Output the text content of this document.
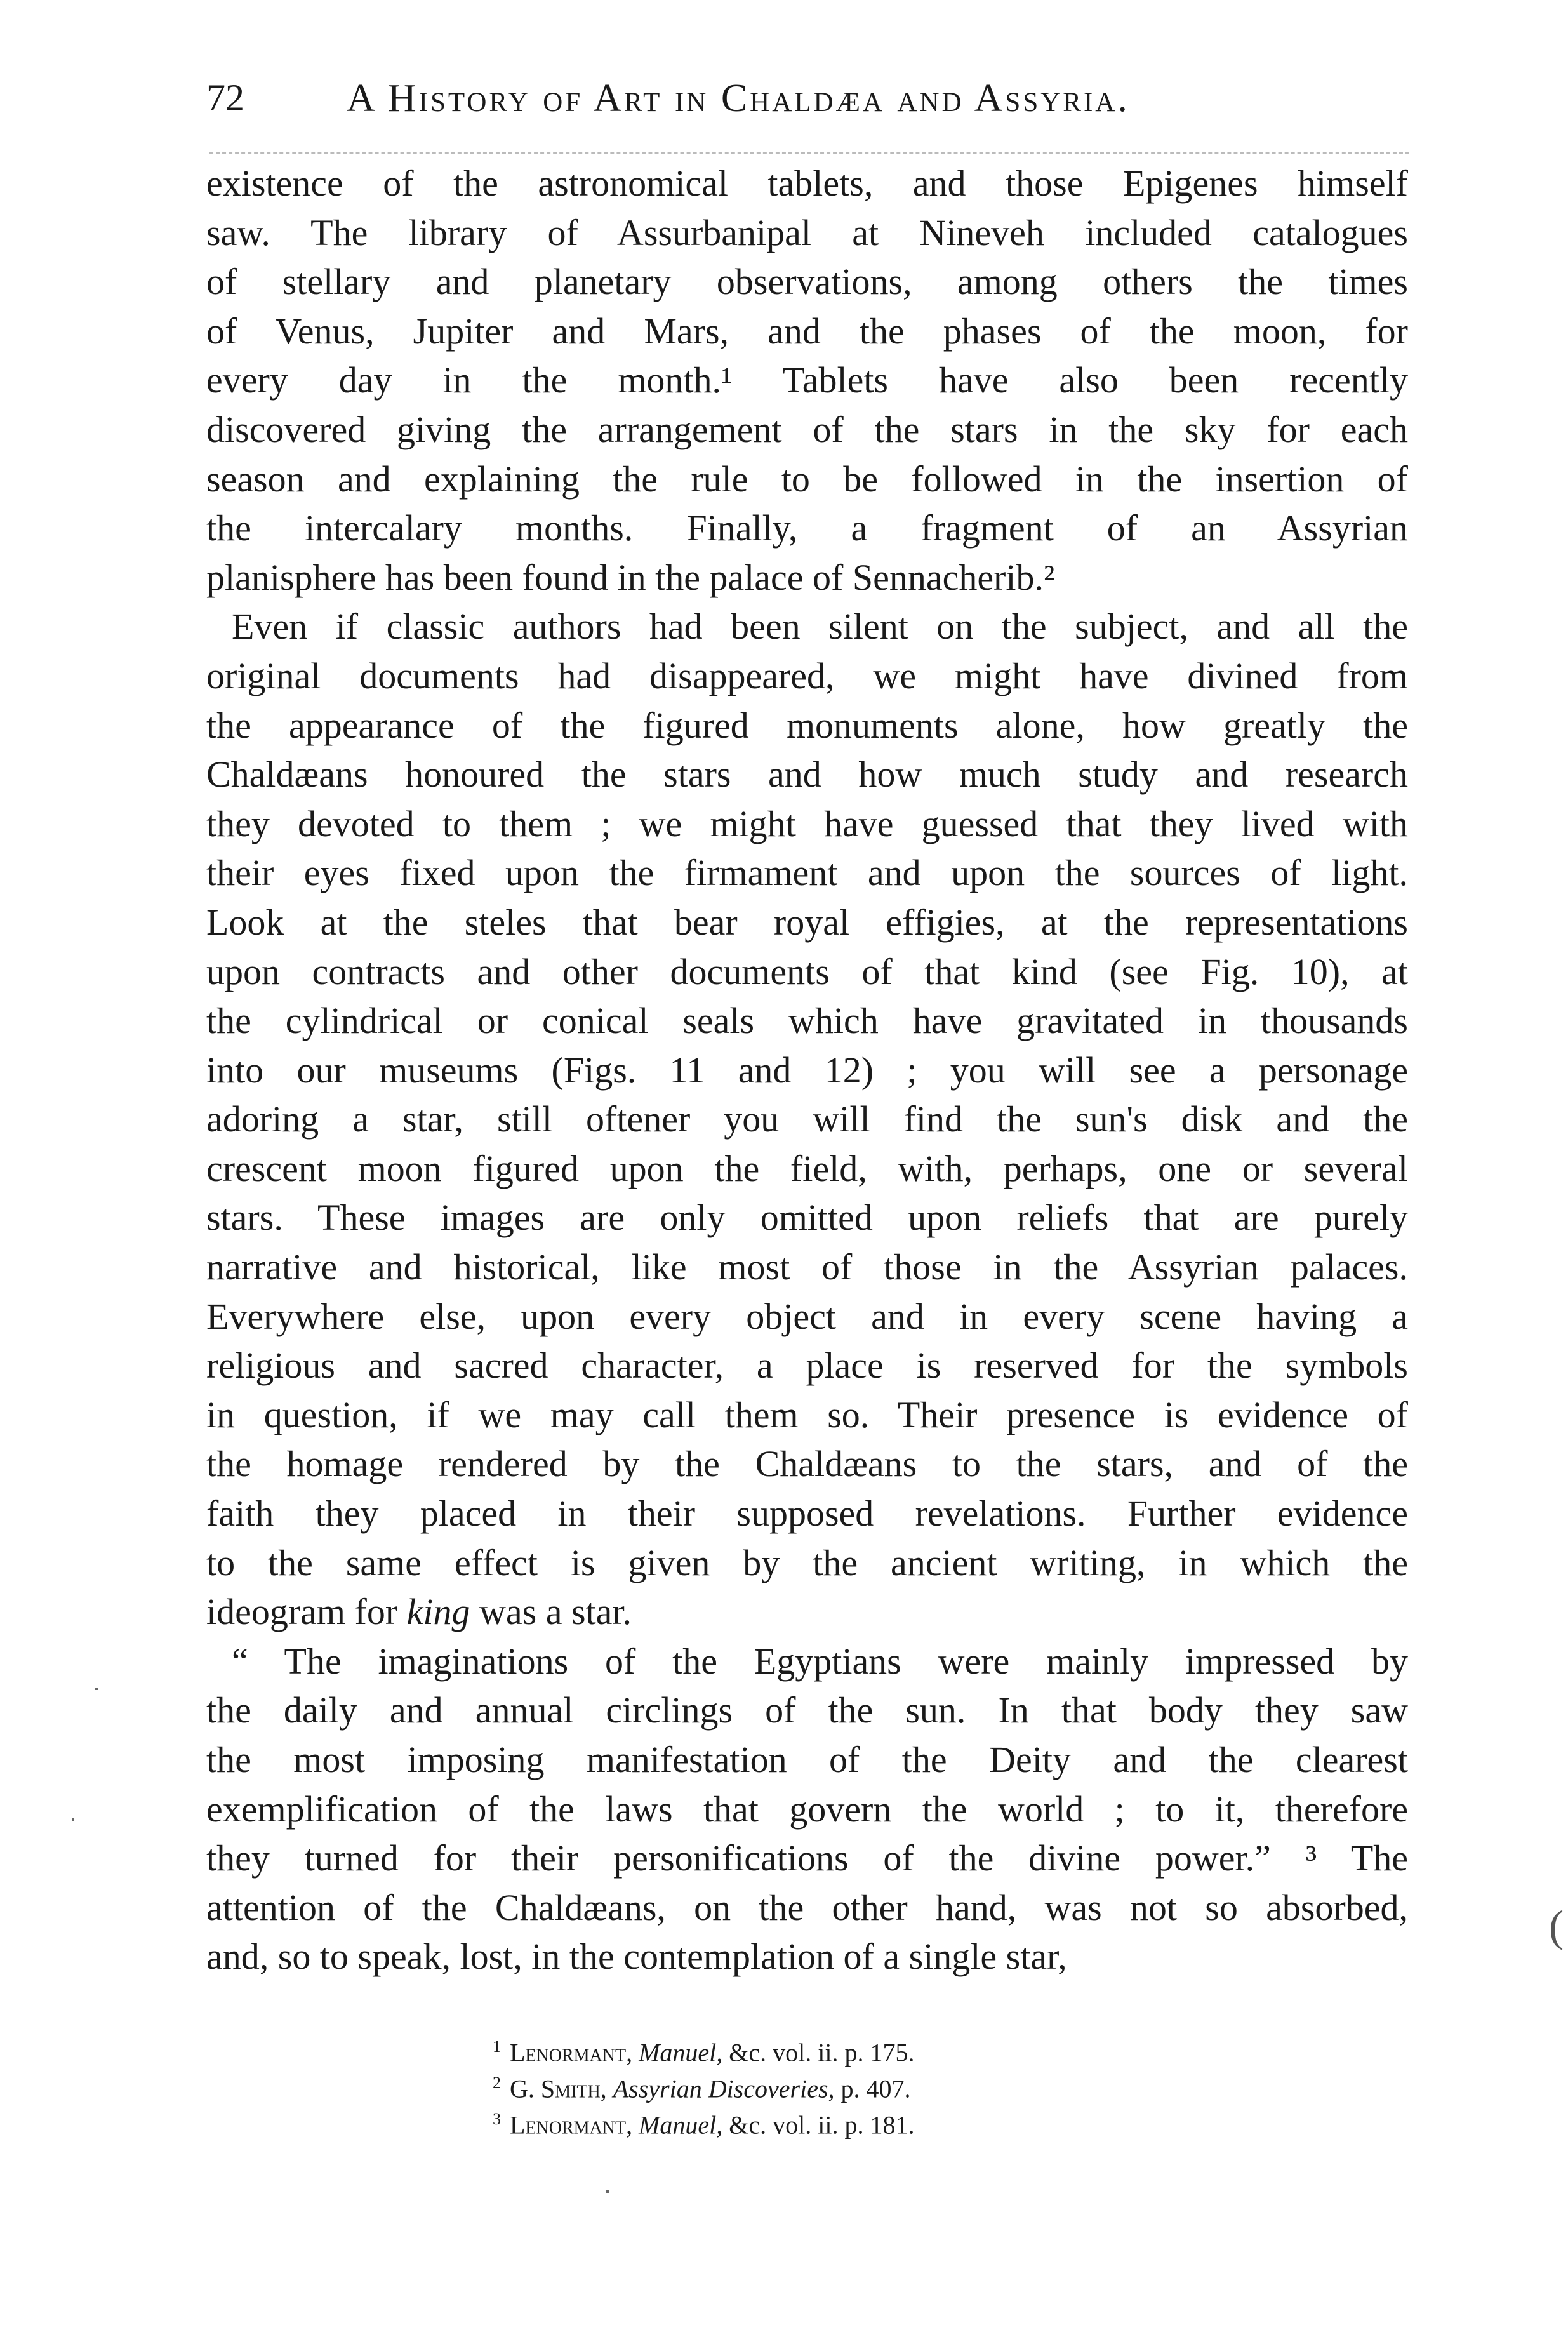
72	A History of Art in Chaldæa and Assyria.
existence of the astronomical tablets, and those Epigenes himself
saw. The library of Assurbanipal at Nineveh included catalogues
of stellary and planetary observations, among others the times
of Venus, Jupiter and Mars, and the phases of the moon, for
every day in the month.¹ Tablets have also been recently
discovered giving the arrangement of the stars in the sky for each
season and explaining the rule to be followed in the insertion of
the intercalary months. Finally, a fragment of an Assyrian
planisphere has been found in the palace of Sennacherib.²
Even if classic authors had been silent on the subject, and all the
original documents had disappeared, we might have divined from
the appearance of the figured monuments alone, how greatly the
Chaldæans honoured the stars and how much study and research
they devoted to them ; we might have guessed that they lived with
their eyes fixed upon the firmament and upon the sources of light.
Look at the steles that bear royal effigies, at the representations
upon contracts and other documents of that kind (see Fig. 10), at
the cylindrical or conical seals which have gravitated in thousands
into our museums (Figs. 11 and 12) ; you will see a personage
adoring a star, still oftener you will find the sun's disk and the
crescent moon figured upon the field, with, perhaps, one or several
stars. These images are only omitted upon reliefs that are purely
narrative and historical, like most of those in the Assyrian palaces.
Everywhere else, upon every object and in every scene having a
religious and sacred character, a place is reserved for the symbols
in question, if we may call them so. Their presence is evidence of
the homage rendered by the Chaldæans to the stars, and of the
faith they placed in their supposed revelations. Further evidence
to the same effect is given by the ancient writing, in which the
ideogram for king was a star.
“ The imaginations of the Egyptians were mainly impressed by
the daily and annual circlings of the sun. In that body they saw
the most imposing manifestation of the Deity and the clearest
exemplification of the laws that govern the world ; to it, therefore
they turned for their personifications of the divine power.” ³ The
attention of the Chaldæans, on the other hand, was not so absorbed,
and, so to speak, lost, in the contemplation of a single star,
$^1$ Lenormant, Manuel, &c. vol. ii. p. 175.
$^2$ G. Smith, Assyrian Discoveries, p. 407.
$^3$ Lenormant, Manuel, &c. vol. ii. p. 181.
(
